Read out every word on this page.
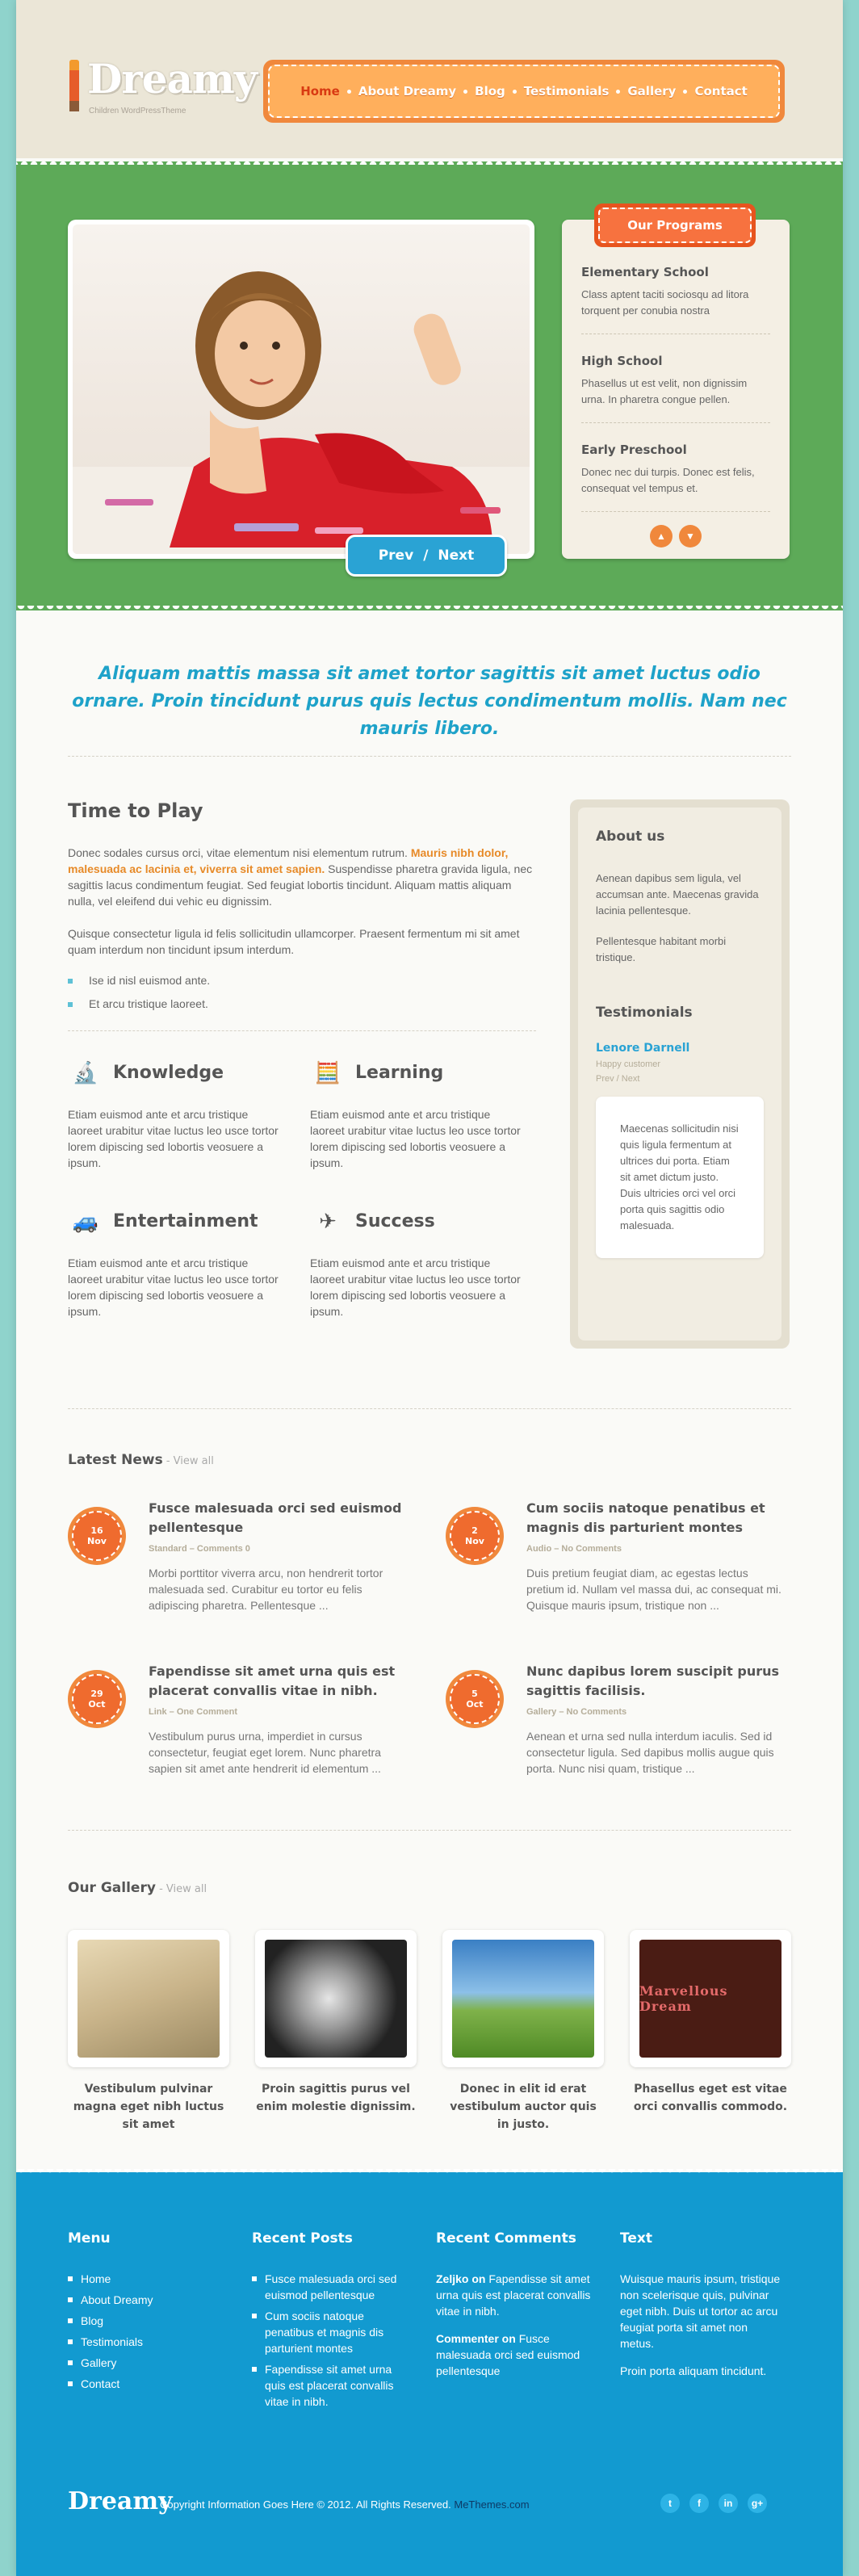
Dreamy
Children WordPressTheme
Home About Dreamy Blog Testimonials Gallery Contact
Prev / Next
Our Programs
Elementary School
Class aptent taciti sociosqu ad litora torquent per conubia nostra
High School
Phasellus ut est velit, non dignissim urna. In pharetra congue pellen.
Early Preschool
Donec nec dui turpis. Donec est felis, consequat vel tempus et.
▲	▼
Aliquam mattis massa sit amet tortor sagittis sit amet luctus odio ornare. Proin tincidunt purus quis lectus condimentum mollis. Nam nec mauris libero.
Time to Play

Donec sodales cursus orci, vitae elementum nisi elementum rutrum. Mauris nibh dolor, malesuada ac lacinia et, viverra sit amet sapien. Suspendisse pharetra gravida ligula, nec sagittis lacus condimentum feugiat. Sed feugiat lobortis tincidunt. Aliquam mattis aliquam nulla, vel eleifend dui vehic eu dignissim.

Quisque consectetur ligula id felis sollicitudin ullamcorper. Praesent fermentum mi sit amet quam interdum non tincidunt ipsum interdum.

Ise id nisl euismod ante.
Et arcu tristique laoreet.
🔬 Knowledge

Etiam euismod ante et arcu tristique laoreet urabitur vitae luctus leo usce tortor lorem dipiscing sed lobortis veosuere a ipsum.

🧮 Learning

Etiam euismod ante et arcu tristique laoreet urabitur vitae luctus leo usce tortor lorem dipiscing sed lobortis veosuere a ipsum.

🚙 Entertainment

Etiam euismod ante et arcu tristique laoreet urabitur vitae luctus leo usce tortor lorem dipiscing sed lobortis veosuere a ipsum.

✈	Success

Etiam euismod ante et arcu tristique laoreet urabitur vitae luctus leo usce tortor lorem dipiscing sed lobortis veosuere a ipsum.

About us
Aenean dapibus sem ligula, vel accumsan ante. Maecenas gravida lacinia pellentesque.
Pellentesque habitant morbi tristique.
Testimonials
Lenore Darnell
Happy customer
Prev / Next
Maecenas sollicitudin nisi quis ligula fermentum at ultrices dui porta. Etiam sit amet dictum justo. Duis ultricies orci vel orci porta quis sagittis odio malesuada.
Latest News - View all
16
Nov
Fusce malesuada orci sed euismod pellentesque
Standard – Comments 0
Morbi porttitor viverra arcu, non hendrerit tortor malesuada sed. Curabitur eu tortor eu felis adipiscing pharetra. Pellentesque ...
2
Nov
Cum sociis natoque penatibus et magnis dis parturient montes
Audio – No Comments
Duis pretium feugiat diam, ac egestas lectus pretium id. Nullam vel massa dui, ac consequat mi. Quisque mauris ipsum, tristique non ...
29
Oct
Fapendisse sit amet urna quis est placerat convallis vitae in nibh.
Link – One Comment
Vestibulum purus urna, imperdiet in cursus consectetur, feugiat eget lorem. Nunc pharetra sapien sit amet ante hendrerit id elementum ...
5
Oct
Nunc dapibus lorem suscipit purus sagittis facilisis.
Gallery – No Comments
Aenean et urna sed nulla interdum iaculis. Sed id consectetur ligula. Sed dapibus mollis augue quis porta. Nunc nisi quam, tristique ...
Our Gallery - View all
Vestibulum pulvinar magna eget nibh luctus sit amet
Proin sagittis purus vel enim molestie dignissim.
Donec in elit id erat vestibulum auctor quis in justo.
Marvellous Dream
Phasellus eget est vitae orci convallis commodo.
Menu
Home
About Dreamy
Blog
Testimonials
Gallery
Contact
Recent Posts
Fusce malesuada orci sed euismod pellentesque
Cum sociis natoque penatibus et magnis dis parturient montes
Fapendisse sit amet urna quis est placerat convallis vitae in nibh.
Recent Comments

Zeljko on Fapendisse sit amet urna quis est placerat convallis vitae in nibh.

Commenter on Fusce malesuada orci sed euismod pellentesque

Text

Wuisque mauris ipsum, tristique non scelerisque quis, pulvinar eget nibh. Duis ut tortor ac arcu feugiat porta sit amet non metus.

Proin porta aliquam tincidunt.

Dreamy
Copyright Information Goes Here © 2012. All Rights Reserved. MeThemes.com	t	f	in	g+
